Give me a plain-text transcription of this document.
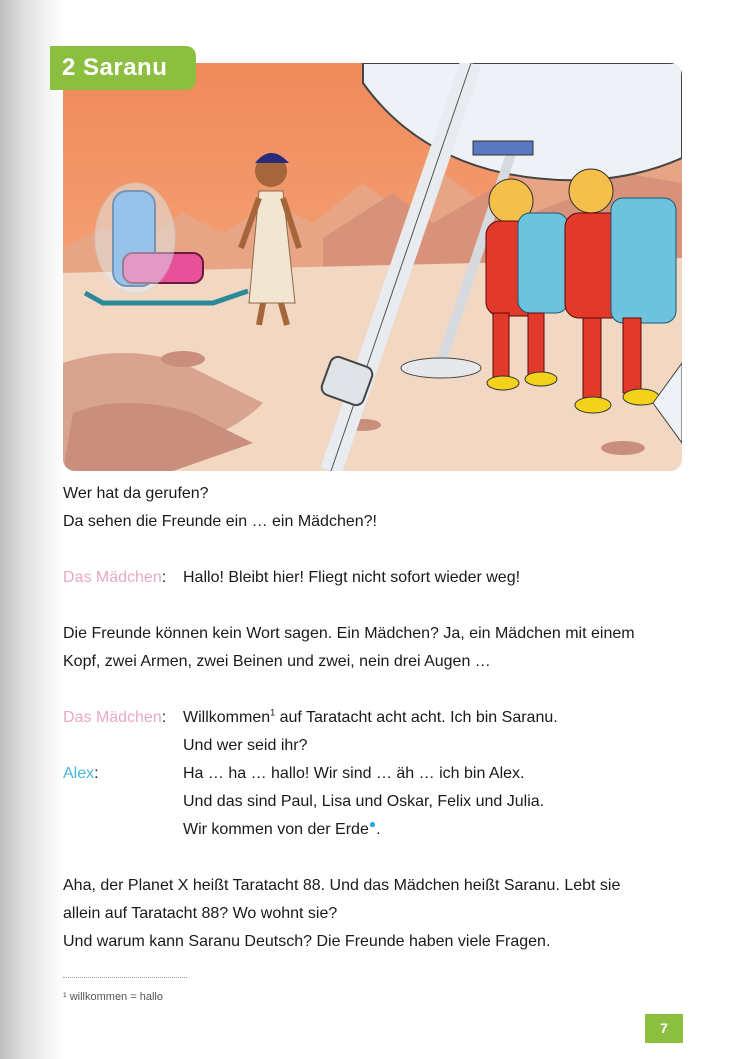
2 Saranu
Wer hat da gerufen?
Da sehen die Freunde ein … ein Mädchen?!
Das Mädchen:	Hallo! Bleibt hier! Fliegt nicht sofort wieder weg!
Die Freunde können kein Wort sagen. Ein Mädchen? Ja, ein Mädchen mit einem
Kopf, zwei Armen, zwei Beinen und zwei, nein drei Augen …
Das Mädchen:	Willkommen$^1$ auf Taratacht acht acht. Ich bin Saranu.
Und wer seid ihr?
Alex:	Ha … ha … hallo! Wir sind … äh … ich bin Alex.
Und das sind Paul, Lisa und Oskar, Felix und Julia.
Wir kommen von der Erde●.
Aha, der Planet X heißt Taratacht 88. Und das Mädchen heißt Saranu. Lebt sie
allein auf Taratacht 88? Wo wohnt sie?
Und warum kann Saranu Deutsch? Die Freunde haben viele Fragen.
¹ willkommen = hallo
7
